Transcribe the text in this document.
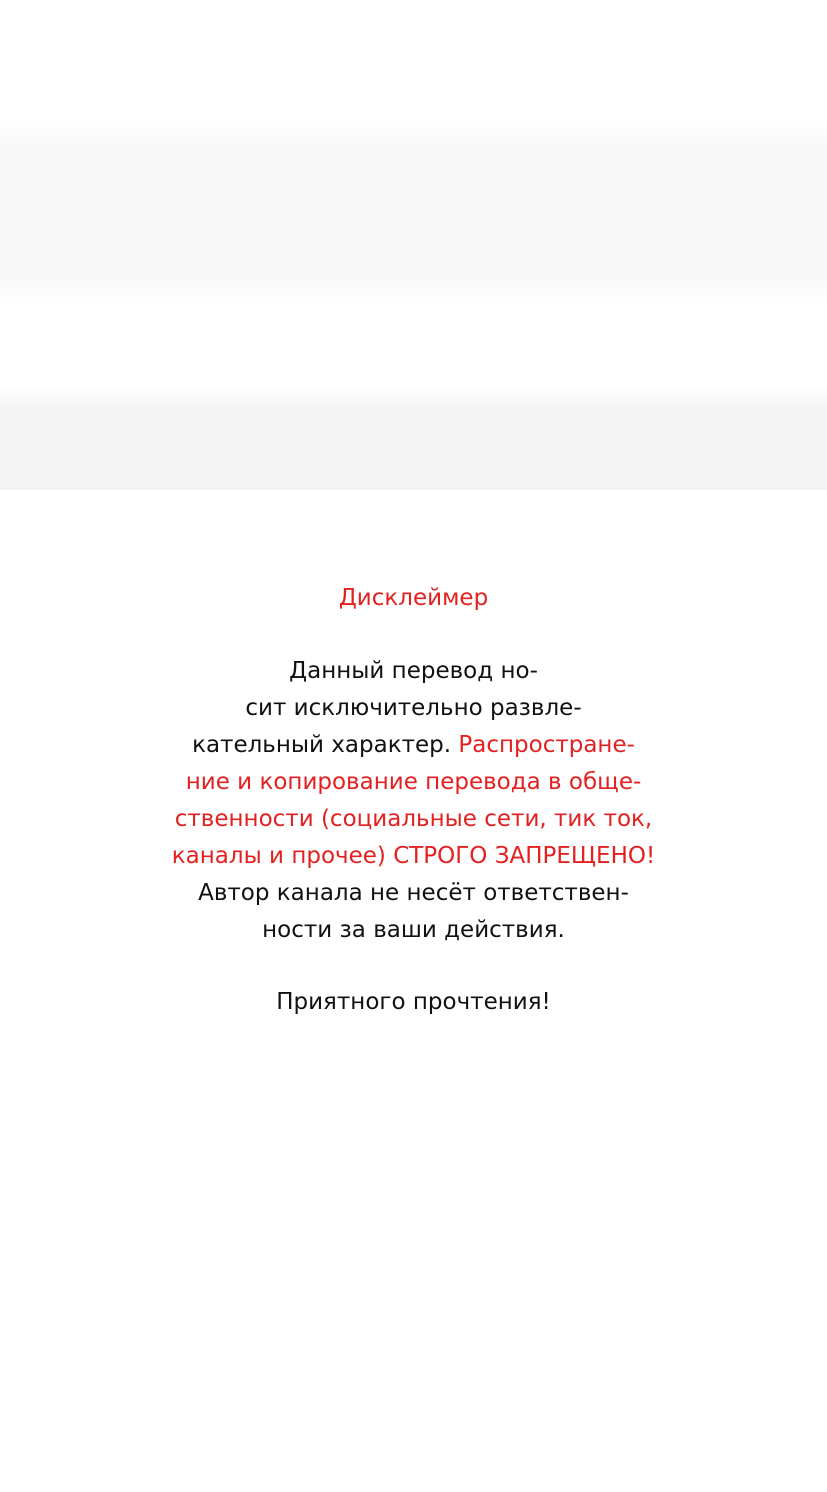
Дисклеймер
Данный перевод но-
сит исключительно развле-
кательный характер. Распростране-
ние и копирование перевода в обще-
ственности (социальные сети, тик ток,
каналы и прочее) СТРОГО ЗАПРЕЩЕНО!
Автор канала не несёт ответствен-
ности за ваши действия.
Приятного прочтения!
